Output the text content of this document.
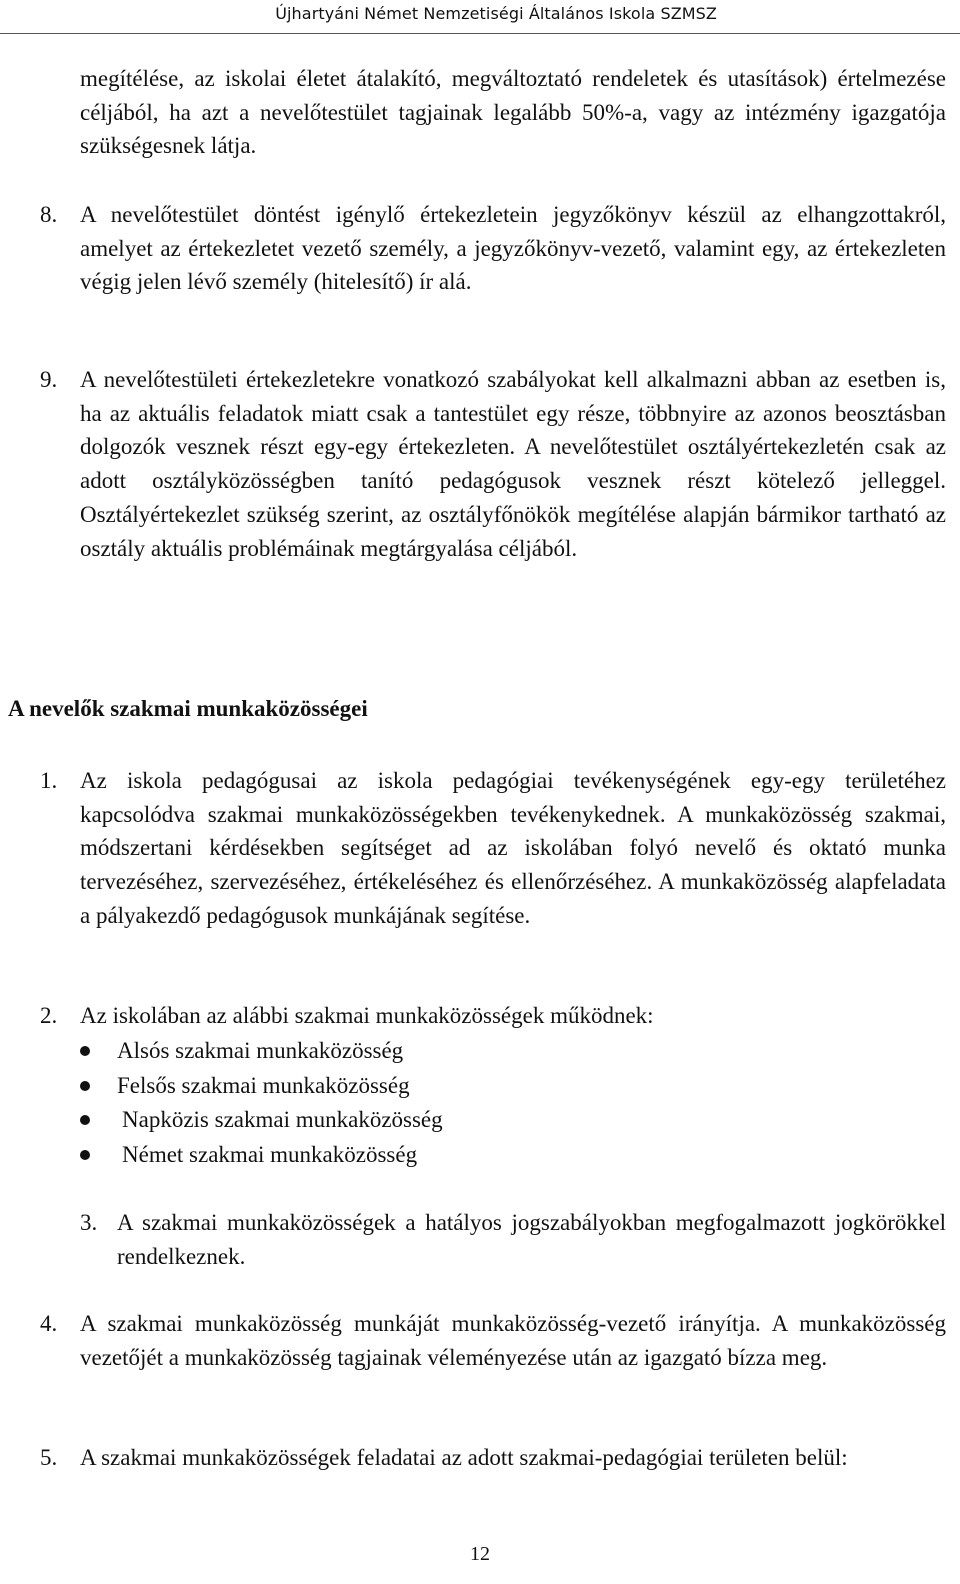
Újhartyáni Német Nemzetiségi Általános Iskola SZMSZ
megítélése, az iskolai életet átalakító, megváltoztató rendeletek és utasítások) értelmezése céljából, ha azt a nevelőtestület tagjainak legalább 50%-a, vagy az intézmény igazgatója szükségesnek látja.
8. A nevelőtestület döntést igénylő értekezletein jegyzőkönyv készül az elhangzottakról, amelyet az értekezletet vezető személy, a jegyzőkönyv-vezető, valamint egy, az értekezleten végig jelen lévő személy (hitelesítő) ír alá.
9. A nevelőtestületi értekezletekre vonatkozó szabályokat kell alkalmazni abban az esetben is, ha az aktuális feladatok miatt csak a tantestület egy része, többnyire az azonos beosztásban dolgozók vesznek részt egy-egy értekezleten. A nevelőtestület osztályértekezletén csak az adott osztályközösségben tanító pedagógusok vesznek részt kötelező jelleggel. Osztályértekezlet szükség szerint, az osztályfőnökök megítélése alapján bármikor tartható az osztály aktuális problémáinak megtárgyalása céljából.
A nevelők szakmai munkaközösségei
1. Az iskola pedagógusai az iskola pedagógiai tevékenységének egy-egy területéhez kapcsolódva szakmai munkaközösségekben tevékenykednek. A munkaközösség szakmai, módszertani kérdésekben segítséget ad az iskolában folyó nevelő és oktató munka tervezéséhez, szervezéséhez, értékeléséhez és ellenőrzéséhez. A munkaközösség alapfeladata a pályakezdő pedagógusok munkájának segítése.
2. Az iskolában az alábbi szakmai munkaközösségek működnek:
Alsós szakmai munkaközösség
Felsős szakmai munkaközösség
Napközis szakmai munkaközösség
Német szakmai munkaközösség
3. A szakmai munkaközösségek a hatályos jogszabályokban megfogalmazott jogkörökkel rendelkeznek.
4. A szakmai munkaközösség munkáját munkaközösség-vezető irányítja. A munkaközösség vezetőjét a munkaközösség tagjainak véleményezése után az igazgató bízza meg.
5. A szakmai munkaközösségek feladatai az adott szakmai-pedagógiai területen belül:
12
